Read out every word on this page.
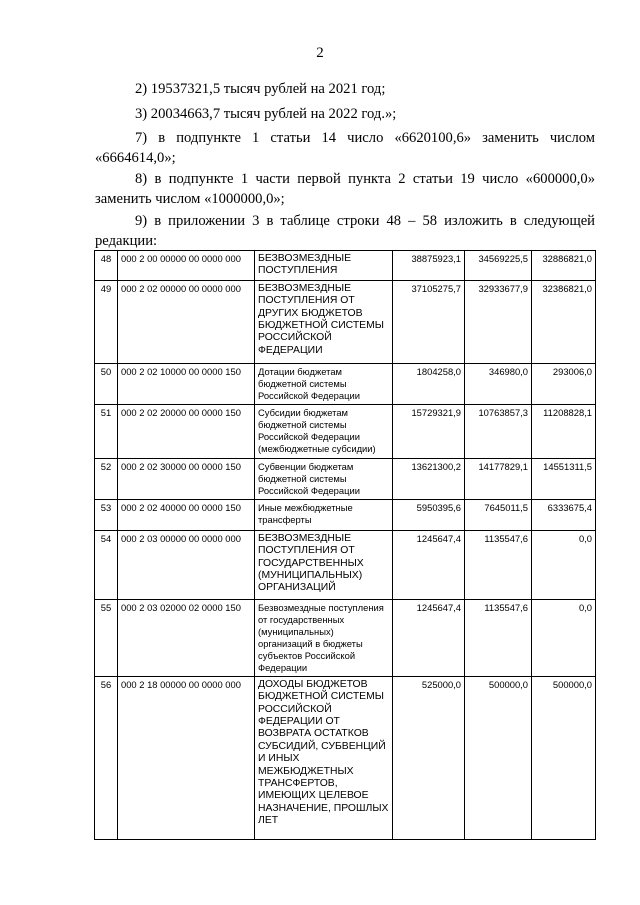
2
2) 19537321,5 тысяч рублей на 2021 год;
3) 20034663,7 тысяч рублей на 2022 год.»;
7) в подпункте 1 статьи 14 число «6620100,6» заменить числом «6664614,0»;
8) в подпункте 1 части первой пункта 2 статьи 19 число «600000,0» заменить числом «1000000,0»;
9) в приложении 3 в таблице строки 48 – 58 изложить в следующей редакции:
48	000 2 00 00000 00 0000 000	БЕЗВОЗМЕЗДНЫЕ ПОСТУПЛЕНИЯ	38875923,1	34569225,5	32886821,0
49	000 2 02 00000 00 0000 000	БЕЗВОЗМЕЗДНЫЕ ПОСТУПЛЕНИЯ ОТ ДРУГИХ БЮДЖЕТОВ БЮДЖЕТНОЙ СИСТЕМЫ РОССИЙСКОЙ ФЕДЕРАЦИИ	37105275,7	32933677,9	32386821,0
50	000 2 02 10000 00 0000 150	Дотации бюджетам бюджетной системы Российской Федерации	1804258,0	346980,0	293006,0
51	000 2 02 20000 00 0000 150	Субсидии бюджетам бюджетной системы Российской Федерации (межбюджетные субсидии)	15729321,9	10763857,3	11208828,1
52	000 2 02 30000 00 0000 150	Субвенции бюджетам бюджетной системы Российской Федерации	13621300,2	14177829,1	14551311,5
53	000 2 02 40000 00 0000 150	Иные межбюджетные трансферты	5950395,6	7645011,5	6333675,4
54	000 2 03 00000 00 0000 000	БЕЗВОЗМЕЗДНЫЕ ПОСТУПЛЕНИЯ ОТ ГОСУДАРСТВЕННЫХ (МУНИЦИПАЛЬНЫХ) ОРГАНИЗАЦИЙ	1245647,4	1135547,6	0,0
55	000 2 03 02000 02 0000 150	Безвозмездные поступления от государственных (муниципальных) организаций в бюджеты субъектов Российской Федерации	1245647,4	1135547,6	0,0
56	000 2 18 00000 00 0000 000	ДОХОДЫ БЮДЖЕТОВ БЮДЖЕТНОЙ СИСТЕМЫ РОССИЙСКОЙ ФЕДЕРАЦИИ ОТ ВОЗВРАТА ОСТАТКОВ СУБСИДИЙ, СУБВЕНЦИЙ И ИНЫХ МЕЖБЮДЖЕТНЫХ ТРАНСФЕРТОВ, ИМЕЮЩИХ ЦЕЛЕВОЕ НАЗНАЧЕНИЕ, ПРОШЛЫХ ЛЕТ	525000,0	500000,0	500000,0
